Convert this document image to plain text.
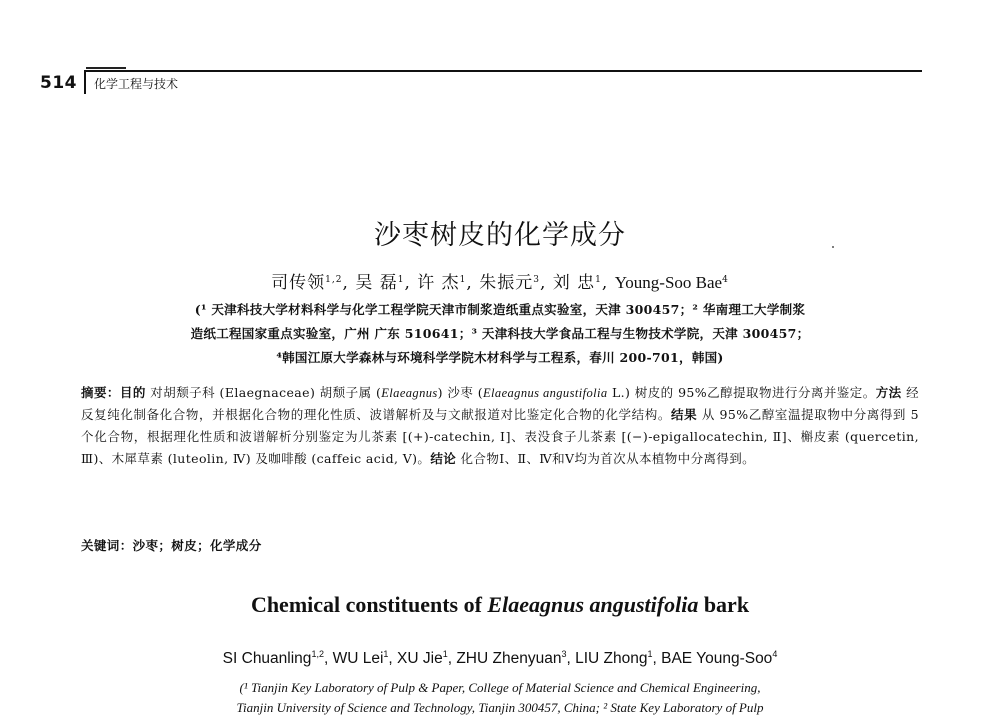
514 化学工程与技术
沙枣树皮的化学成分
司传领$^{1,2}$, 吴 磊$^1$, 许 杰$^1$, 朱振元$^3$, 刘 忠$^1$, Young-Soo Bae$^4$
(¹ 天津科技大学材料科学与化学工程学院天津市制浆造纸重点实验室，天津 300457；² 华南理工大学制浆
造纸工程国家重点实验室，广州 广东 510641；³ 天津科技大学食品工程与生物技术学院，天津 300457；
⁴韩国江原大学森林与环境科学学院木材科学与工程系，春川 200-701，韩国)
摘要：目的 对胡颓子科 (Elaegnaceae) 胡颓子属 (Elaeagnus) 沙枣 (Elaeagnus angustifolia L.) 树皮的 95%乙醇提取物进行分离并鉴定。方法 经反复纯化制备化合物，并根据化合物的理化性质、波谱解析及与文献报道对比鉴定化合物的化学结构。结果 从 95%乙醇室温提取物中分离得到 5 个化合物，根据理化性质和波谱解析分别鉴定为儿茶素 [(+)-catechin, Ⅰ]、表没食子儿茶素 [(−)-epigallocatechin, Ⅱ]、槲皮素 (quercetin, Ⅲ)、木犀草素 (luteolin, Ⅳ) 及咖啡酸 (caffeic acid, Ⅴ)。结论 化合物Ⅰ、Ⅱ、Ⅳ和Ⅴ均为首次从本植物中分离得到。
关键词：沙枣；树皮；化学成分
Chemical constituents of Elaeagnus angustifolia bark
SI Chuanling$^{1,2}$, WU Lei$^1$, XU Jie$^1$, ZHU Zhenyuan$^3$, LIU Zhong$^1$, BAE Young-Soo$^4$
(¹ Tianjin Key Laboratory of Pulp & Paper, College of Material Science and Chemical Engineering,
Tianjin University of Science and Technology, Tianjin 300457, China; ² State Key Laboratory of Pulp
